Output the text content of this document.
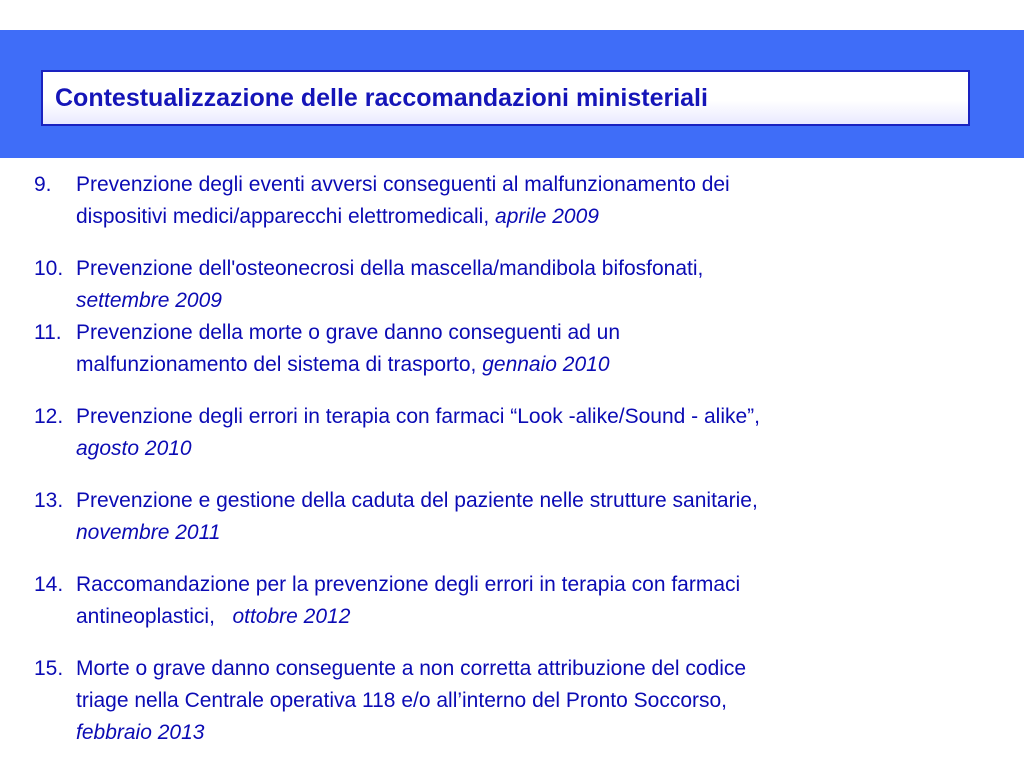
Contestualizzazione delle raccomandazioni ministeriali
9. Prevenzione degli eventi avversi conseguenti al malfunzionamento dei
dispositivi medici/apparecchi elettromedicali, aprile 2009
10. Prevenzione dell'osteonecrosi della mascella/mandibola bifosfonati,
settembre 2009
11. Prevenzione della morte o grave danno conseguenti ad un
malfunzionamento del sistema di trasporto, gennaio 2010
12. Prevenzione degli errori in terapia con farmaci “Look -alike/Sound - alike”,
agosto 2010
13. Prevenzione e gestione della caduta del paziente nelle strutture sanitarie,
novembre 2011
14. Raccomandazione per la prevenzione degli errori in terapia con farmaci
antineoplastici, ottobre 2012
15. Morte o grave danno conseguente a non corretta attribuzione del codice
triage nella Centrale operativa 118 e/o all’interno del Pronto Soccorso,
febbraio 2013
